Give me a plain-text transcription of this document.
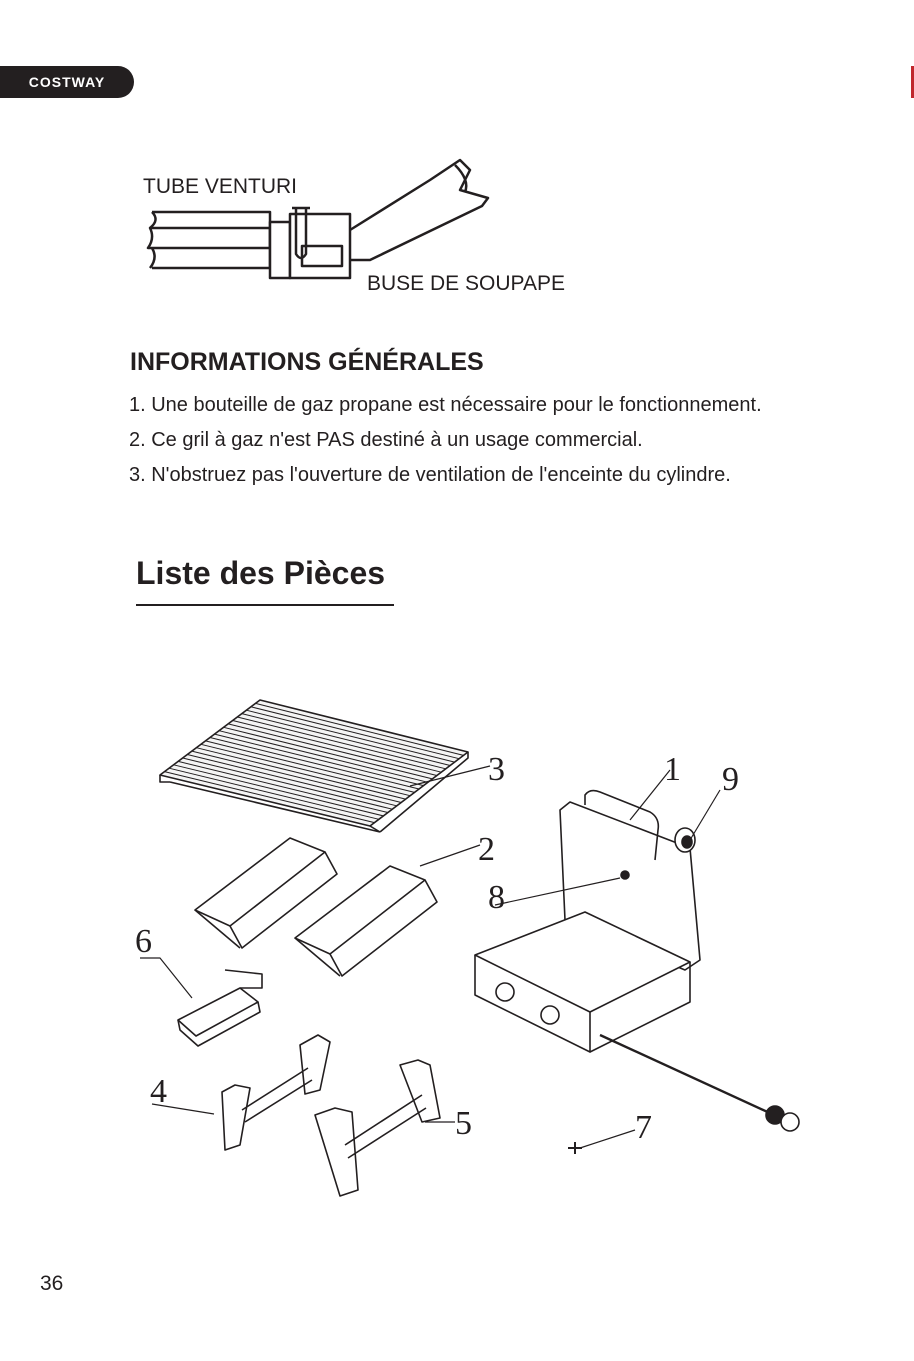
COSTWAY
TUBE VENTURI
BUSE DE SOUPAPE
INFORMATIONS GÉNÉRALES
1. Une bouteille de gaz propane est nécessaire pour le fonctionnement.
2. Ce gril à gaz n'est PAS destiné à un usage commercial.
3. N'obstruez pas l'ouverture de ventilation de l'enceinte du cylindre.
Liste des Pièces
1
2
3
4
5
6
7
8
9
36
